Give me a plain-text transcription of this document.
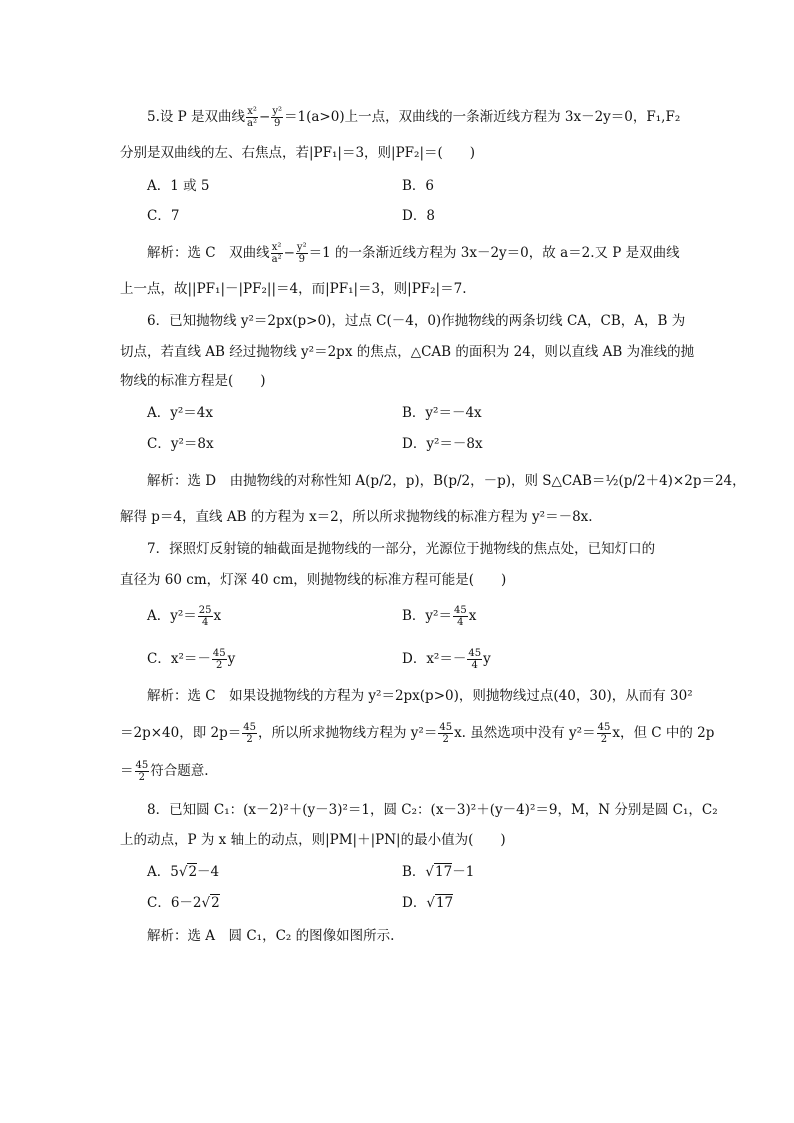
5.设 P 是双曲线 $\frac{\text{x²}}{\text{a²}} - \frac{\text{y²}}{9} =1(a>0)$上一点，双曲线的一条渐近线方程为 3x－2y＝0，F₁,F₂
分别是双曲线的左、右焦点，若|PF₁|＝3，则|PF₂|＝(　　)
A．1 或 5	B．6
C．7	D．8
解析：选 C　双曲线 $\frac{\text{x²}}{\text{a²}} - \frac{\text{y²}}{9} =1$ 的一条渐近线方程为 3x－2y＝0，故 a＝2.又 P 是双曲线
上一点，故||PF₁|－|PF₂||＝4，而|PF₁|＝3，则|PF₂|＝7.
6．已知抛物线 y²＝2px(p>0)，过点 C(－4，0)作抛物线的两条切线 CA，CB，A，B 为
切点，若直线 AB 经过抛物线 y²＝2px 的焦点，△CAB 的面积为 24，则以直线 AB 为准线的抛
物线的标准方程是(　　)
A．y²＝4x	B．y²＝－4x
C．y²＝8x	D．y²＝－8x
解析：选 D　由抛物线的对称性知 A(p/2，p)，B(p/2，－p)，则 S△CAB＝½(p/2＋4)×2p＝24，
解得 p＝4，直线 AB 的方程为 x＝2，所以所求抛物线的标准方程为 y²＝－8x.
7．探照灯反射镜的轴截面是抛物线的一部分，光源位于抛物线的焦点处，已知灯口的
直径为 60 cm，灯深 40 cm，则抛物线的标准方程可能是(　　)
A．$y^2= \frac{25}{4}$ x	B．$y^2= \frac{45}{4}$ x
C．$x^2=- \frac{45}{2}$ y	D．$x^2=- \frac{45}{4}$ y
解析：选 C　如果设抛物线的方程为 y²＝2px(p>0)，则抛物线过点(40，30)，从而有 30²
＝2p×40，即 $2p= \frac{45}{2}$ ，所以所求抛物线方程为 $y^2= \frac{45}{2} x$. 虽然选项中没有 $y^2= \frac{45}{2}$ x，但 C 中的 2p
＝ $\frac{45}{2}$ 符合题意.
8．已知圆 C₁：(x－2)²＋(y－3)²＝1，圆 C₂：(x－3)²＋(y－4)²＝9，M，N 分别是圆 C₁，C₂
上的动点，P 为 x 轴上的动点，则|PM|＋|PN|的最小值为(　　)
A．5√2－4	B．√17－1
C．6－2√2	D．√17
解析：选 A　圆 C₁，C₂ 的图像如图所示.
